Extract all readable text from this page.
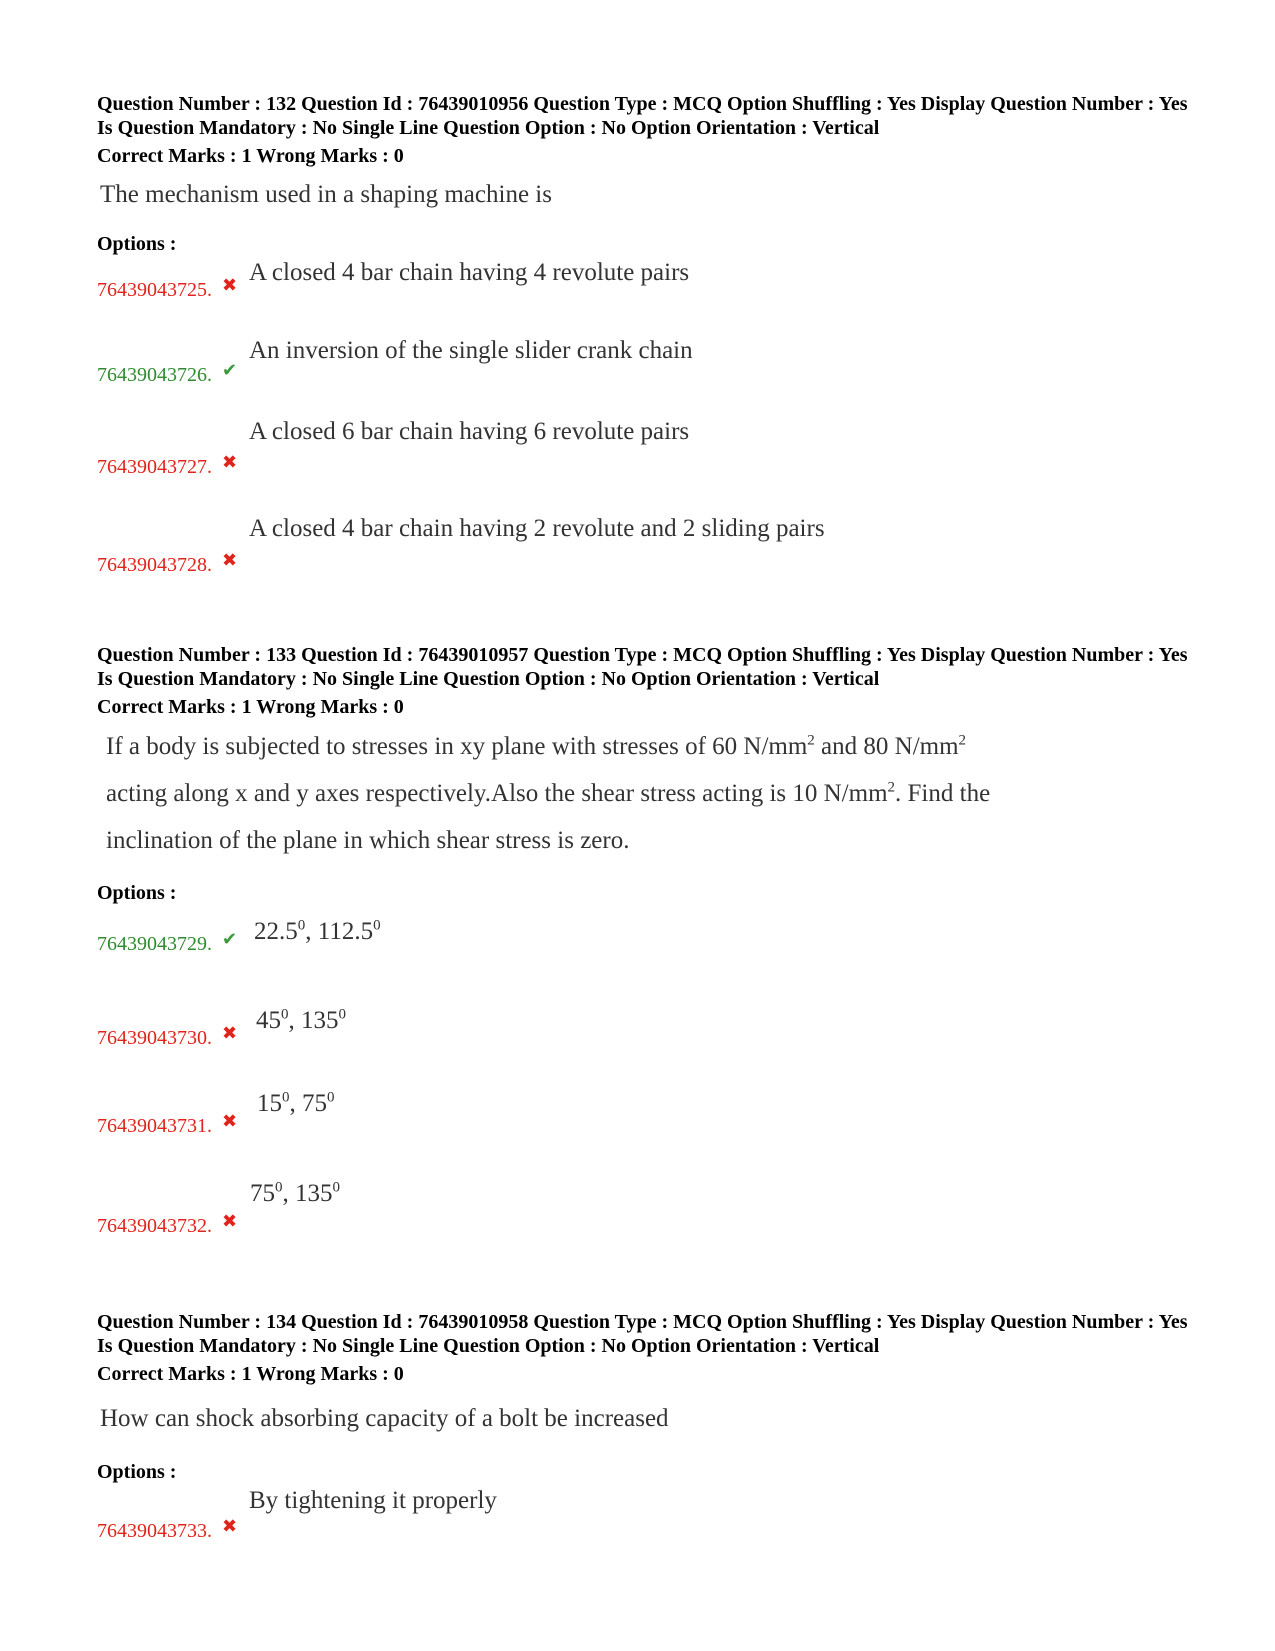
Question Number : 132 Question Id : 76439010956 Question Type : MCQ Option Shuffling : Yes Display Question Number : Yes Is Question Mandatory : No Single Line Question Option : No Option Orientation : Vertical
Correct Marks : 1 Wrong Marks : 0
The mechanism used in a shaping machine is
Options :
76439043725. ✖ A closed 4 bar chain having 4 revolute pairs
76439043726. ✔
An inversion of the single slider crank chain
76439043727. ✖
A closed 6 bar chain having 6 revolute pairs
76439043728. ✖
A closed 4 bar chain having 2 revolute and 2 sliding pairs
Question Number : 133 Question Id : 76439010957 Question Type : MCQ Option Shuffling : Yes Display Question Number : Yes Is Question Mandatory : No Single Line Question Option : No Option Orientation : Vertical
Correct Marks : 1 Wrong Marks : 0
If a body is subjected to stresses in xy plane with stresses of 60 $N/mm^2$ and 80 $N/mm^2$
acting along x and y axes respectively.Also the shear stress acting is 10 $N/mm^2$. Find the
inclination of the plane in which shear stress is zero.
Options :
76439043729. ✔ 22.5$^0$, 112.5$^0$
76439043730. ✖ $45^0$, $135^0$
76439043731. ✖
$15^0$, $75^0$
76439043732. ✖
$75^0$, $135^0$
Question Number : 134 Question Id : 76439010958 Question Type : MCQ Option Shuffling : Yes Display Question Number : Yes Is Question Mandatory : No Single Line Question Option : No Option Orientation : Vertical
Correct Marks : 1 Wrong Marks : 0
How can shock absorbing capacity of a bolt be increased
Options :
76439043733. ✖
By tightening it properly
